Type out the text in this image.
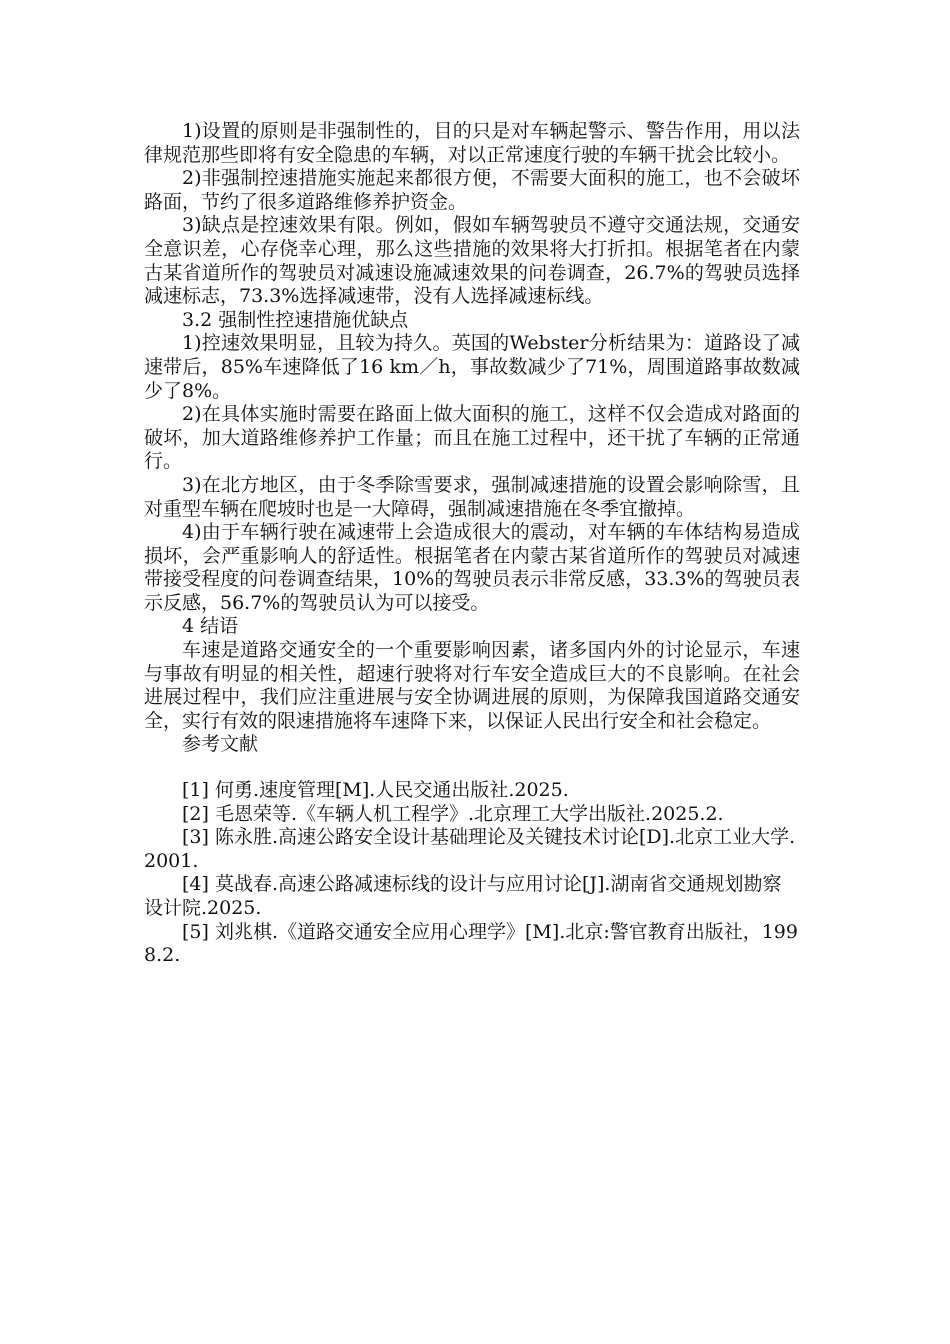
1)设置的原则是非强制性的，目的只是对车辆起警示、警告作用，用以法律规范那些即将有安全隐患的车辆，对以正常速度行驶的车辆干扰会比较小。

2)非强制控速措施实施起来都很方便，不需要大面积的施工，也不会破坏路面，节约了很多道路维修养护资金。

3)缺点是控速效果有限。例如，假如车辆驾驶员不遵守交通法规，交通安全意识差，心存侥幸心理，那么这些措施的效果将大打折扣。根据笔者在内蒙古某省道所作的驾驶员对减速设施减速效果的问卷调查，26.7%的驾驶员选择减速标志，73.3%选择减速带，没有人选择减速标线。

3.2 强制性控速措施优缺点

1)控速效果明显，且较为持久。英国的Webster分析结果为：道路设了减速带后，85%车速降低了16 km／h，事故数减少了71%，周围道路事故数减少了8%。

2)在具体实施时需要在路面上做大面积的施工，这样不仅会造成对路面的破坏，加大道路维修养护工作量；而且在施工过程中，还干扰了车辆的正常通行。

3)在北方地区，由于冬季除雪要求，强制减速措施的设置会影响除雪，且对重型车辆在爬坡时也是一大障碍，强制减速措施在冬季宜撤掉。

4)由于车辆行驶在减速带上会造成很大的震动，对车辆的车体结构易造成损坏，会严重影响人的舒适性。根据笔者在内蒙古某省道所作的驾驶员对减速带接受程度的问卷调查结果，10%的驾驶员表示非常反感，33.3%的驾驶员表示反感，56.7%的驾驶员认为可以接受。

4 结语

车速是道路交通安全的一个重要影响因素，诸多国内外的讨论显示，车速与事故有明显的相关性，超速行驶将对行车安全造成巨大的不良影响。在社会进展过程中，我们应注重进展与安全协调进展的原则，为保障我国道路交通安全，实行有效的限速措施将车速降下来，以保证人民出行安全和社会稳定。

参考文献

[1] 何勇.速度管理[M].人民交通出版社.2025.

[2] 毛恩荣等.《车辆人机工程学》.北京理工大学出版社.2025.2.

[3] 陈永胜.高速公路安全设计基础理论及关键技术讨论[D].北京工业大学.2001.

[4] 莫战春.高速公路减速标线的设计与应用讨论[J].湖南省交通规划勘察设计院.2025.

[5] 刘兆棋.《道路交通安全应用心理学》[M].北京:警官教育出版社，1998.2.
